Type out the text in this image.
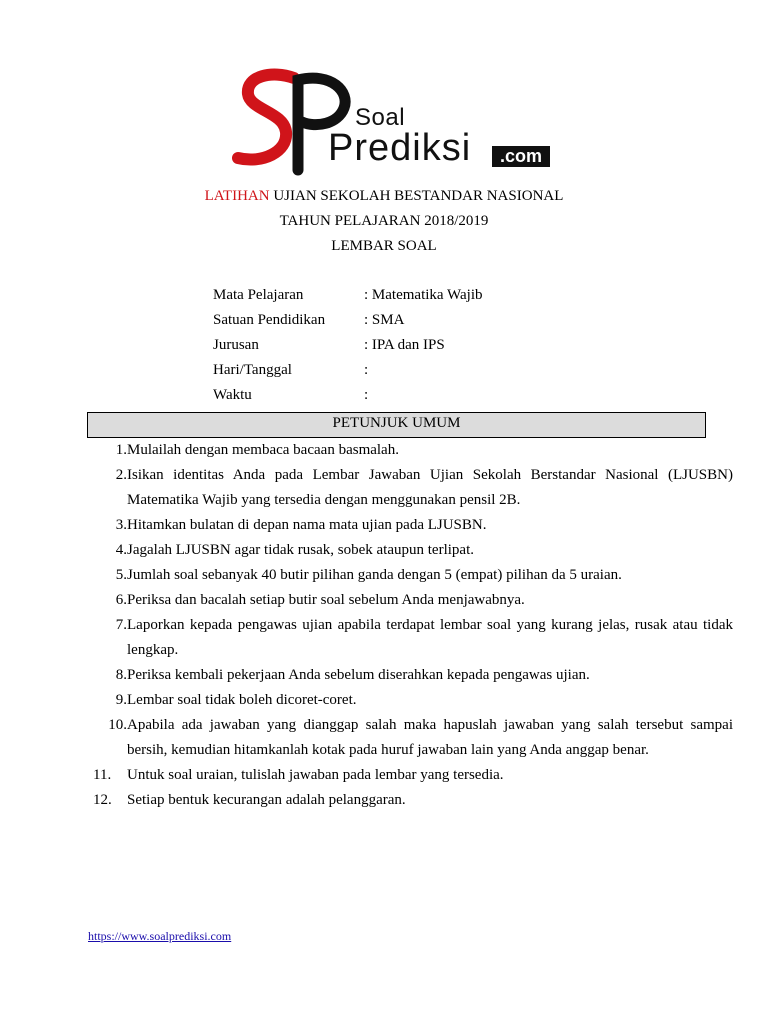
Soal
Prediksi	.com
LATIHAN UJIAN SEKOLAH BESTANDAR NASIONAL
TAHUN PELAJARAN 2018/2019
LEMBAR SOAL
Mata Pelajaran	: Matematika Wajib
Satuan Pendidikan	: SMA
Jurusan	: IPA dan IPS
Hari/Tanggal	:
Waktu	:
PETUNJUK UMUM
1. Mulailah dengan membaca bacaan basmalah.
2. Isikan identitas Anda pada Lembar Jawaban Ujian Sekolah Berstandar Nasional (LJUSBN) Matematika Wajib yang tersedia dengan menggunakan pensil 2B.
3. Hitamkan bulatan di depan nama mata ujian pada LJUSBN.
4. Jagalah LJUSBN agar tidak rusak, sobek ataupun terlipat.
5. Jumlah soal sebanyak 40 butir pilihan ganda dengan 5 (empat) pilihan da 5 uraian.
6. Periksa dan bacalah setiap butir soal sebelum Anda menjawabnya.
7. Laporkan kepada pengawas ujian apabila terdapat lembar soal yang kurang jelas, rusak atau tidak lengkap.
8. Periksa kembali pekerjaan Anda sebelum diserahkan kepada pengawas ujian.
9. Lembar soal tidak boleh dicoret-coret.
10. Apabila ada jawaban yang dianggap salah maka hapuslah jawaban yang salah tersebut sampai bersih, kemudian hitamkanlah kotak pada huruf jawaban lain yang Anda anggap benar.
11.	Untuk soal uraian, tulislah jawaban pada lembar yang tersedia.
12.	Setiap bentuk kecurangan adalah pelanggaran.
https://www.soalprediksi.com
